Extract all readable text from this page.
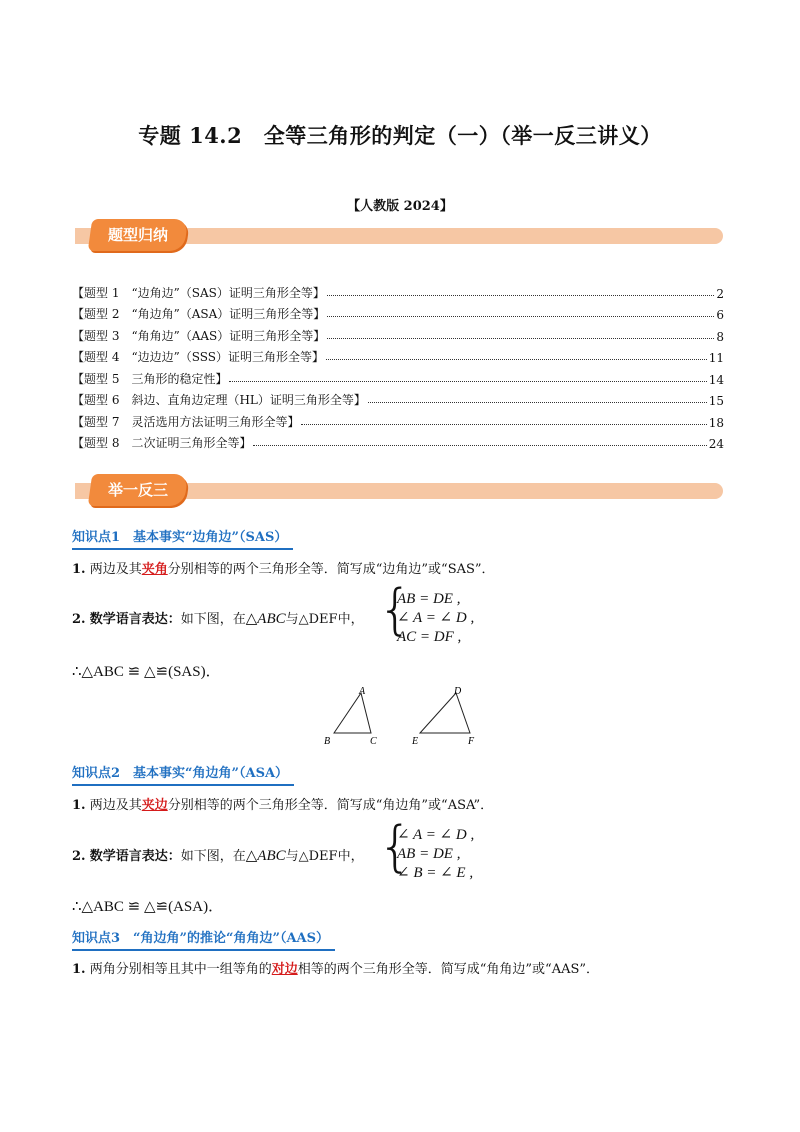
专题 14.2　全等三角形的判定（一）（举一反三讲义）
【人教版 2024】
题型归纳
【题型 1　“边角边”（SAS）证明三角形全等】	2
【题型 2　“角边角”（ASA）证明三角形全等】	6
【题型 3　“角角边”（AAS）证明三角形全等】	8
【题型 4　“边边边”（SSS）证明三角形全等】	11
【题型 5　三角形的稳定性】	14
【题型 6　斜边、直角边定理（HL）证明三角形全等】	15
【题型 7　灵活选用方法证明三角形全等】	18
【题型 8　二次证明三角形全等】	24
举一反三
知识点1　基本事实“边角边”（SAS）
1. 两边及其夹角分别相等的两个三角形全等．简写成“边角边”或“SAS”．
2. 数学语言表达：如下图，在△ABC与△DEF中， {
AB = DE ,
∠ A = ∠ D ,
AC = DF ,
∴△ABC ≌ △≌(SAS)．
A
B	C
D
E	F
知识点2　基本事实“角边角”（ASA）
1. 两边及其夹边分别相等的两个三角形全等．简写成“角边角”或“ASA”．
2. 数学语言表达：如下图，在△ABC与△DEF中， {
∠ A = ∠ D ,
AB = DE ,
∠ B = ∠ E ,
∴△ABC ≌ △≌(ASA)．
知识点3　“角边角”的推论“角角边”（AAS）
1. 两角分别相等且其中一组等角的对边相等的两个三角形全等．简写成“角角边”或“AAS”．
